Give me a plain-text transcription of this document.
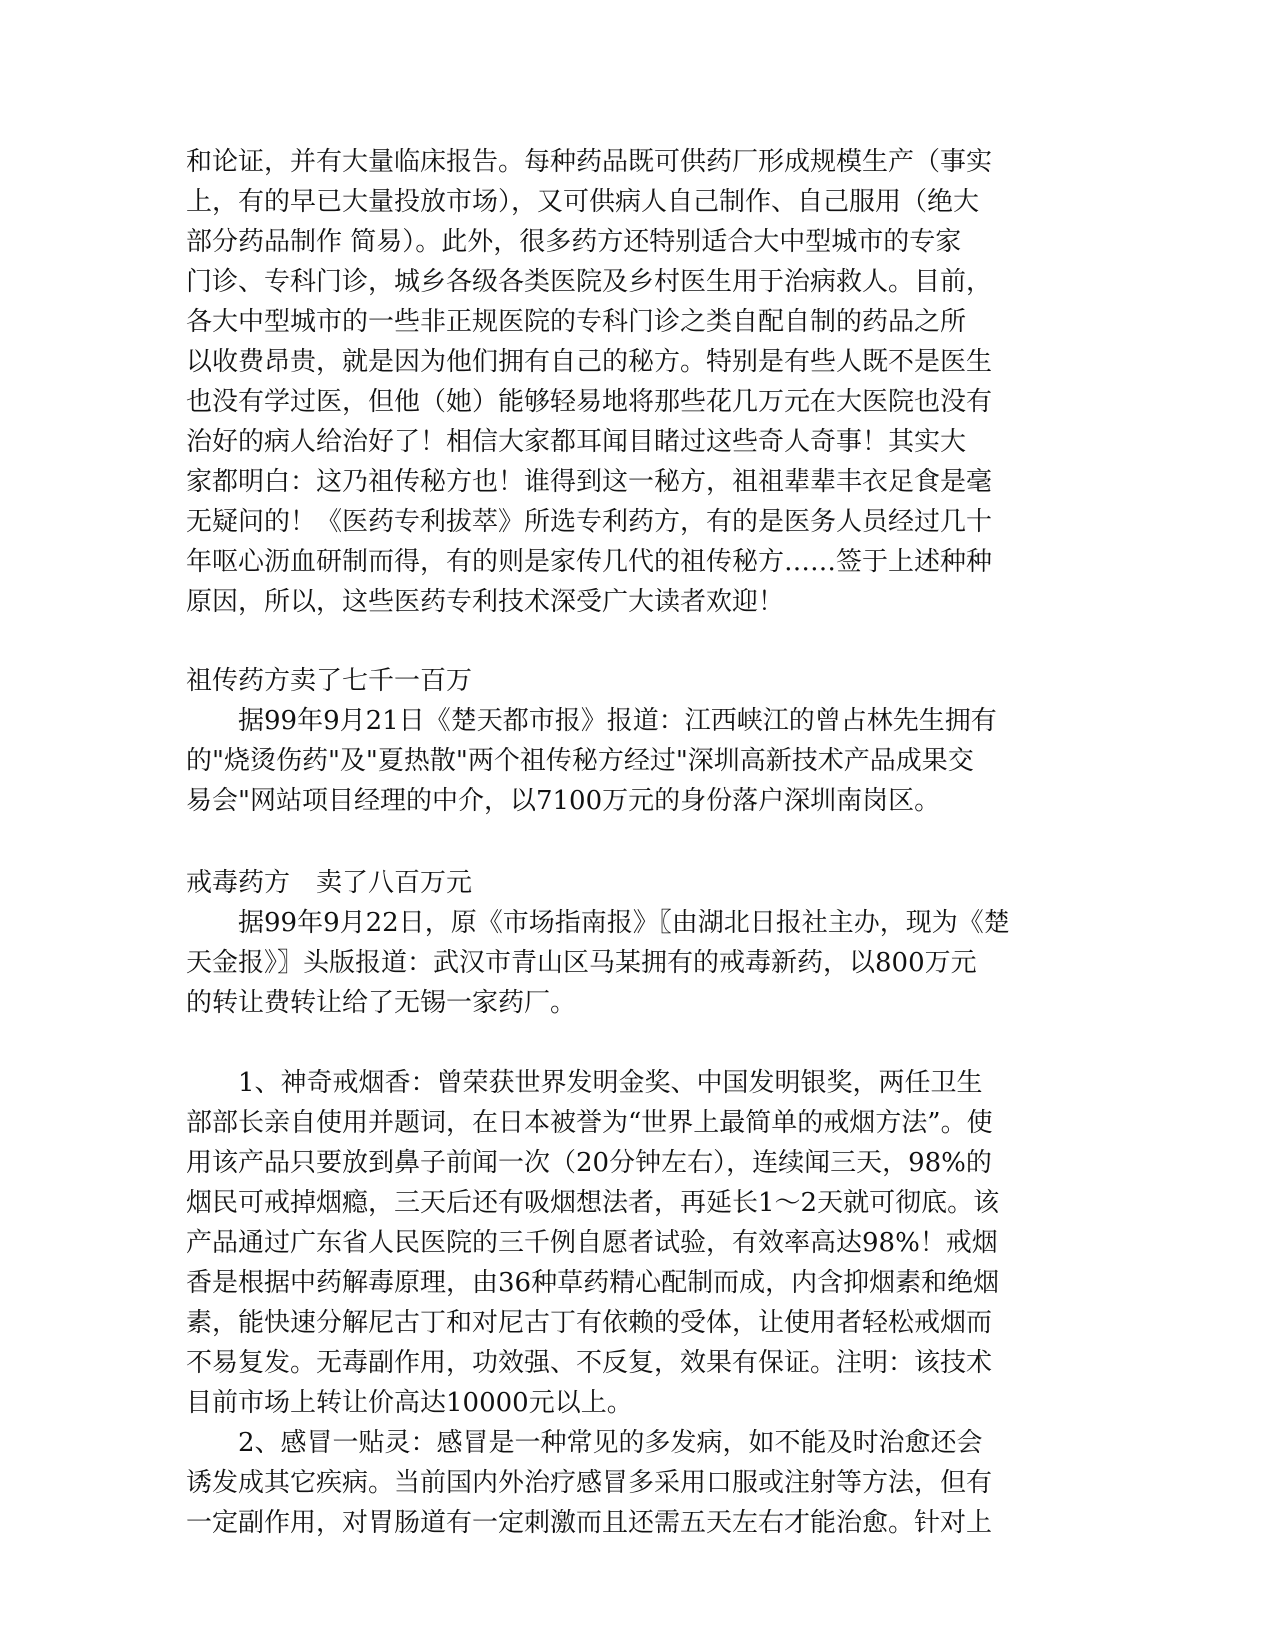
和论证，并有大量临床报告。每种药品既可供药厂形成规模生产（事实
上，有的早已大量投放市场），又可供病人自己制作、自己服用（绝大
部分药品制作 简易）。此外，很多药方还特别适合大中型城市的专家
门诊、专科门诊，城乡各级各类医院及乡村医生用于治病救人。目前，
各大中型城市的一些非正规医院的专科门诊之类自配自制的药品之所
以收费昂贵，就是因为他们拥有自己的秘方。特别是有些人既不是医生
也没有学过医，但他（她）能够轻易地将那些花几万元在大医院也没有
治好的病人给治好了！相信大家都耳闻目睹过这些奇人奇事！其实大
家都明白：这乃祖传秘方也！谁得到这一秘方，祖祖辈辈丰衣足食是毫
无疑问的！《医药专利拔萃》所选专利药方，有的是医务人员经过几十
年呕心沥血研制而得，有的则是家传几代的祖传秘方……签于上述种种
原因，所以，这些医药专利技术深受广大读者欢迎！
祖传药方卖了七千一百万
据99年9月21日《楚天都市报》报道：江西峡江的曾占林先生拥有
的"烧烫伤药"及"夏热散"两个祖传秘方经过"深圳高新技术产品成果交
易会"网站项目经理的中介，以7100万元的身份落户深圳南岗区。
戒毒药方　卖了八百万元
据99年9月22日，原《市场指南报》〖由湖北日报社主办，现为《楚
天金报》〗头版报道：武汉市青山区马某拥有的戒毒新药，以800万元
的转让费转让给了无锡一家药厂。
1、神奇戒烟香：曾荣获世界发明金奖、中国发明银奖，两任卫生
部部长亲自使用并题词，在日本被誉为“世界上最简单的戒烟方法”。使
用该产品只要放到鼻子前闻一次（20分钟左右），连续闻三天，98%的
烟民可戒掉烟瘾，三天后还有吸烟想法者，再延长1～2天就可彻底。该
产品通过广东省人民医院的三千例自愿者试验，有效率高达98%！戒烟
香是根据中药解毒原理，由36种草药精心配制而成，内含抑烟素和绝烟
素，能快速分解尼古丁和对尼古丁有依赖的受体，让使用者轻松戒烟而
不易复发。无毒副作用，功效强、不反复，效果有保证。注明：该技术
目前市场上转让价高达10000元以上。
2、感冒一贴灵：感冒是一种常见的多发病，如不能及时治愈还会
诱发成其它疾病。当前国内外治疗感冒多采用口服或注射等方法，但有
一定副作用，对胃肠道有一定刺激而且还需五天左右才能治愈。针对上
